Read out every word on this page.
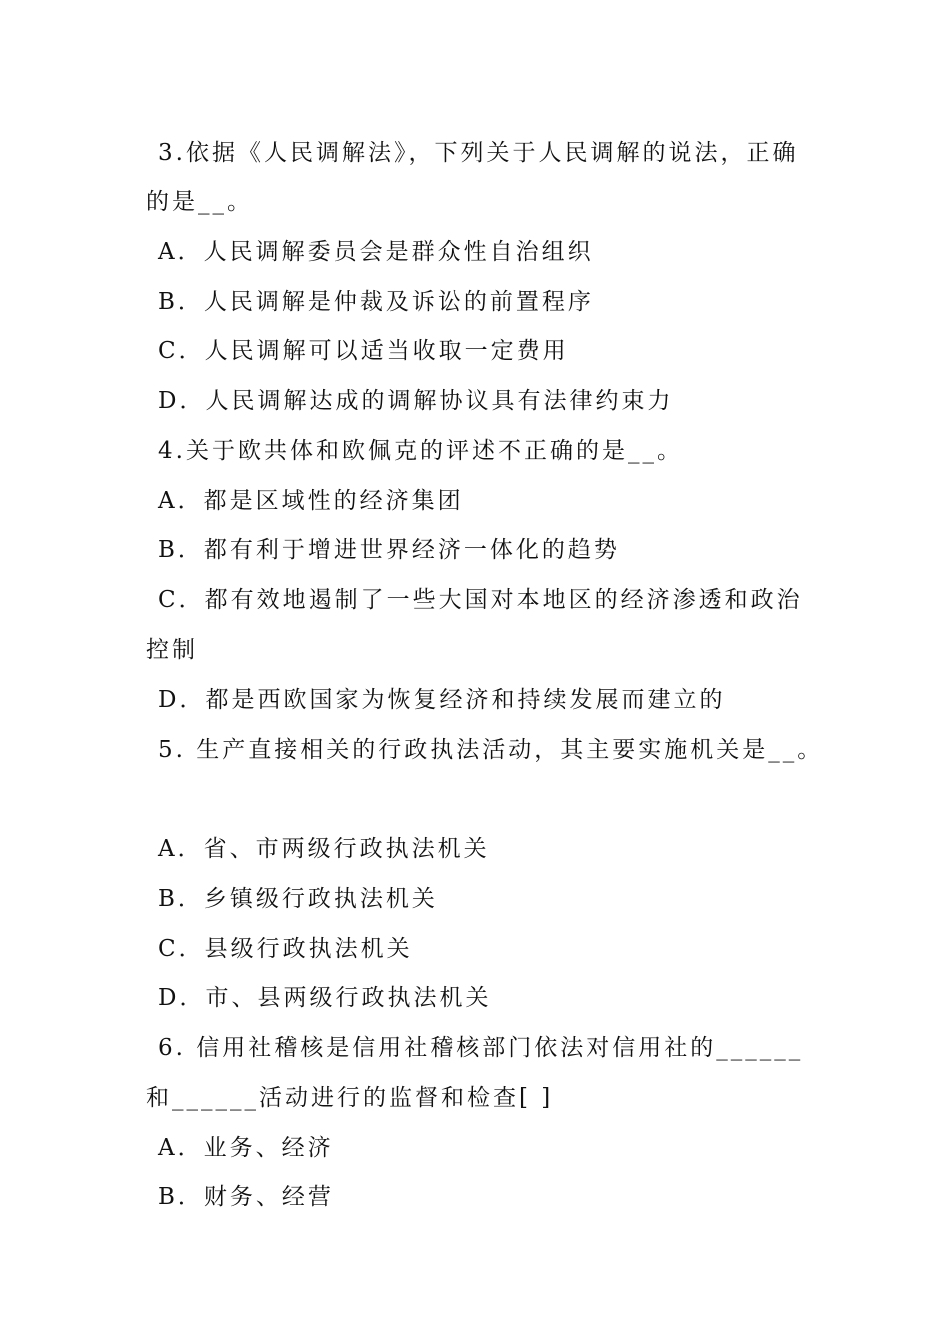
3.依据《人民调解法》，下列关于人民调解的说法，正确
的是__。
A．人民调解委员会是群众性自治组织
B．人民调解是仲裁及诉讼的前置程序
C．人民调解可以适当收取一定费用
D．人民调解达成的调解协议具有法律约束力
4.关于欧共体和欧佩克的评述不正确的是__。
A．都是区域性的经济集团
B．都有利于增进世界经济一体化的趋势
C．都有效地遏制了一些大国对本地区的经济渗透和政治
控制
D．都是西欧国家为恢复经济和持续发展而建立的
5. 生产直接相关的行政执法活动，其主要实施机关是__。
A．省、市两级行政执法机关
B．乡镇级行政执法机关
C．县级行政执法机关
D．市、县两级行政执法机关
6. 信用社稽核是信用社稽核部门依法对信用社的______
和______活动进行的监督和检查[ ]
A．业务、经济
B．财务、经营
